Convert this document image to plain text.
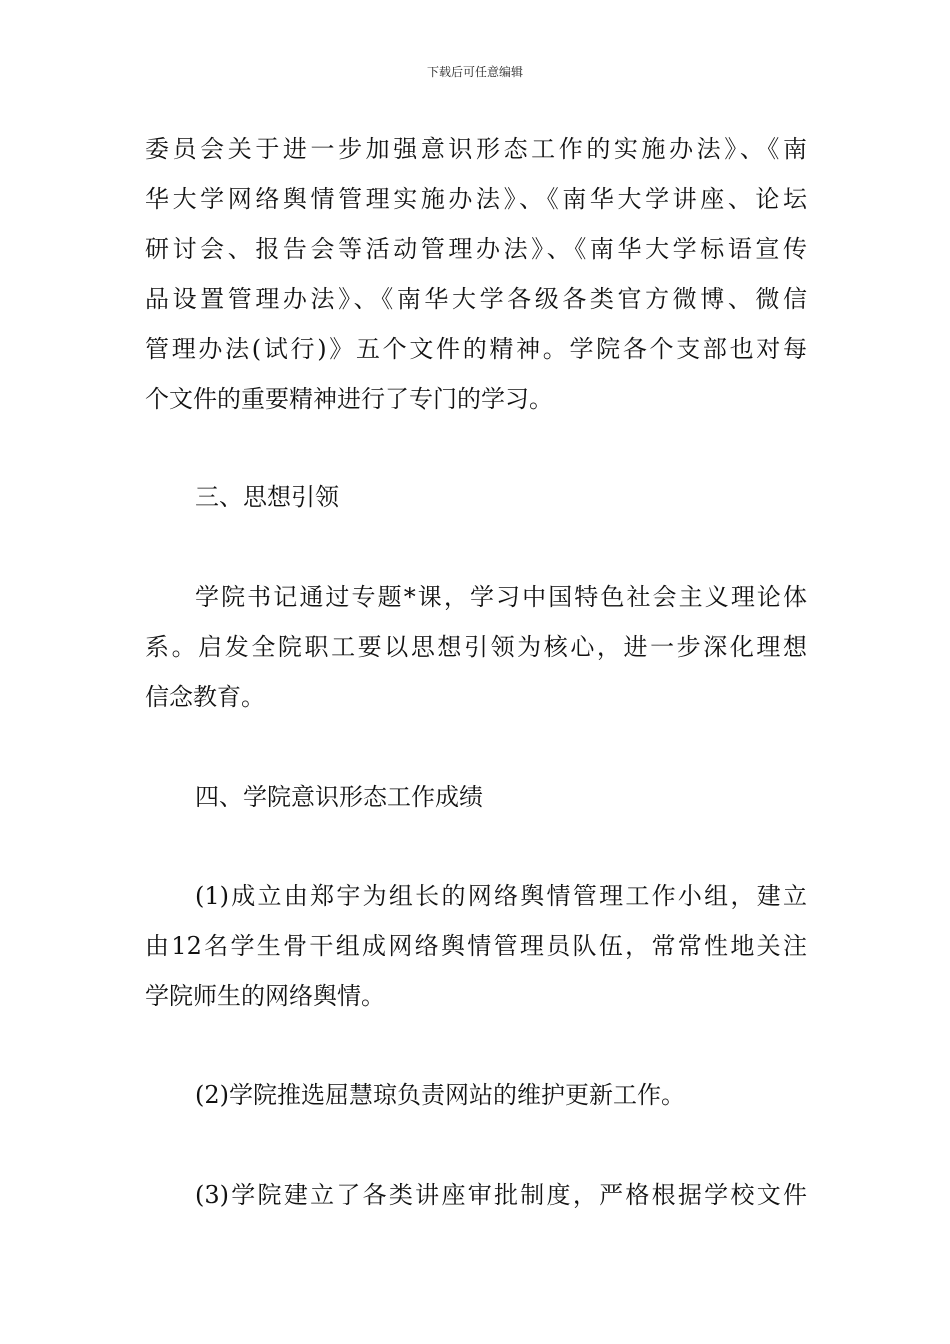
下载后可任意编辑
委员会关于进一步加强意识形态工作的实施办法》、《南
华大学网络舆情管理实施办法》、《南华大学讲座、论坛
研讨会、报告会等活动管理办法》、《南华大学标语宣传
品设置管理办法》、《南华大学各级各类官方微博、微信
管理办法(试行)》五个文件的精神。学院各个支部也对每
个文件的重要精神进行了专门的学习。
三、思想引领
学院书记通过专题*课，学习中国特色社会主义理论体
系。启发全院职工要以思想引领为核心，进一步深化理想
信念教育。
四、学院意识形态工作成绩
(1)成立由郑宇为组长的网络舆情管理工作小组，建立
由12名学生骨干组成网络舆情管理员队伍，常常性地关注
学院师生的网络舆情。
(2)学院推选屈慧琼负责网站的维护更新工作。
(3)学院建立了各类讲座审批制度，严格根据学校文件
